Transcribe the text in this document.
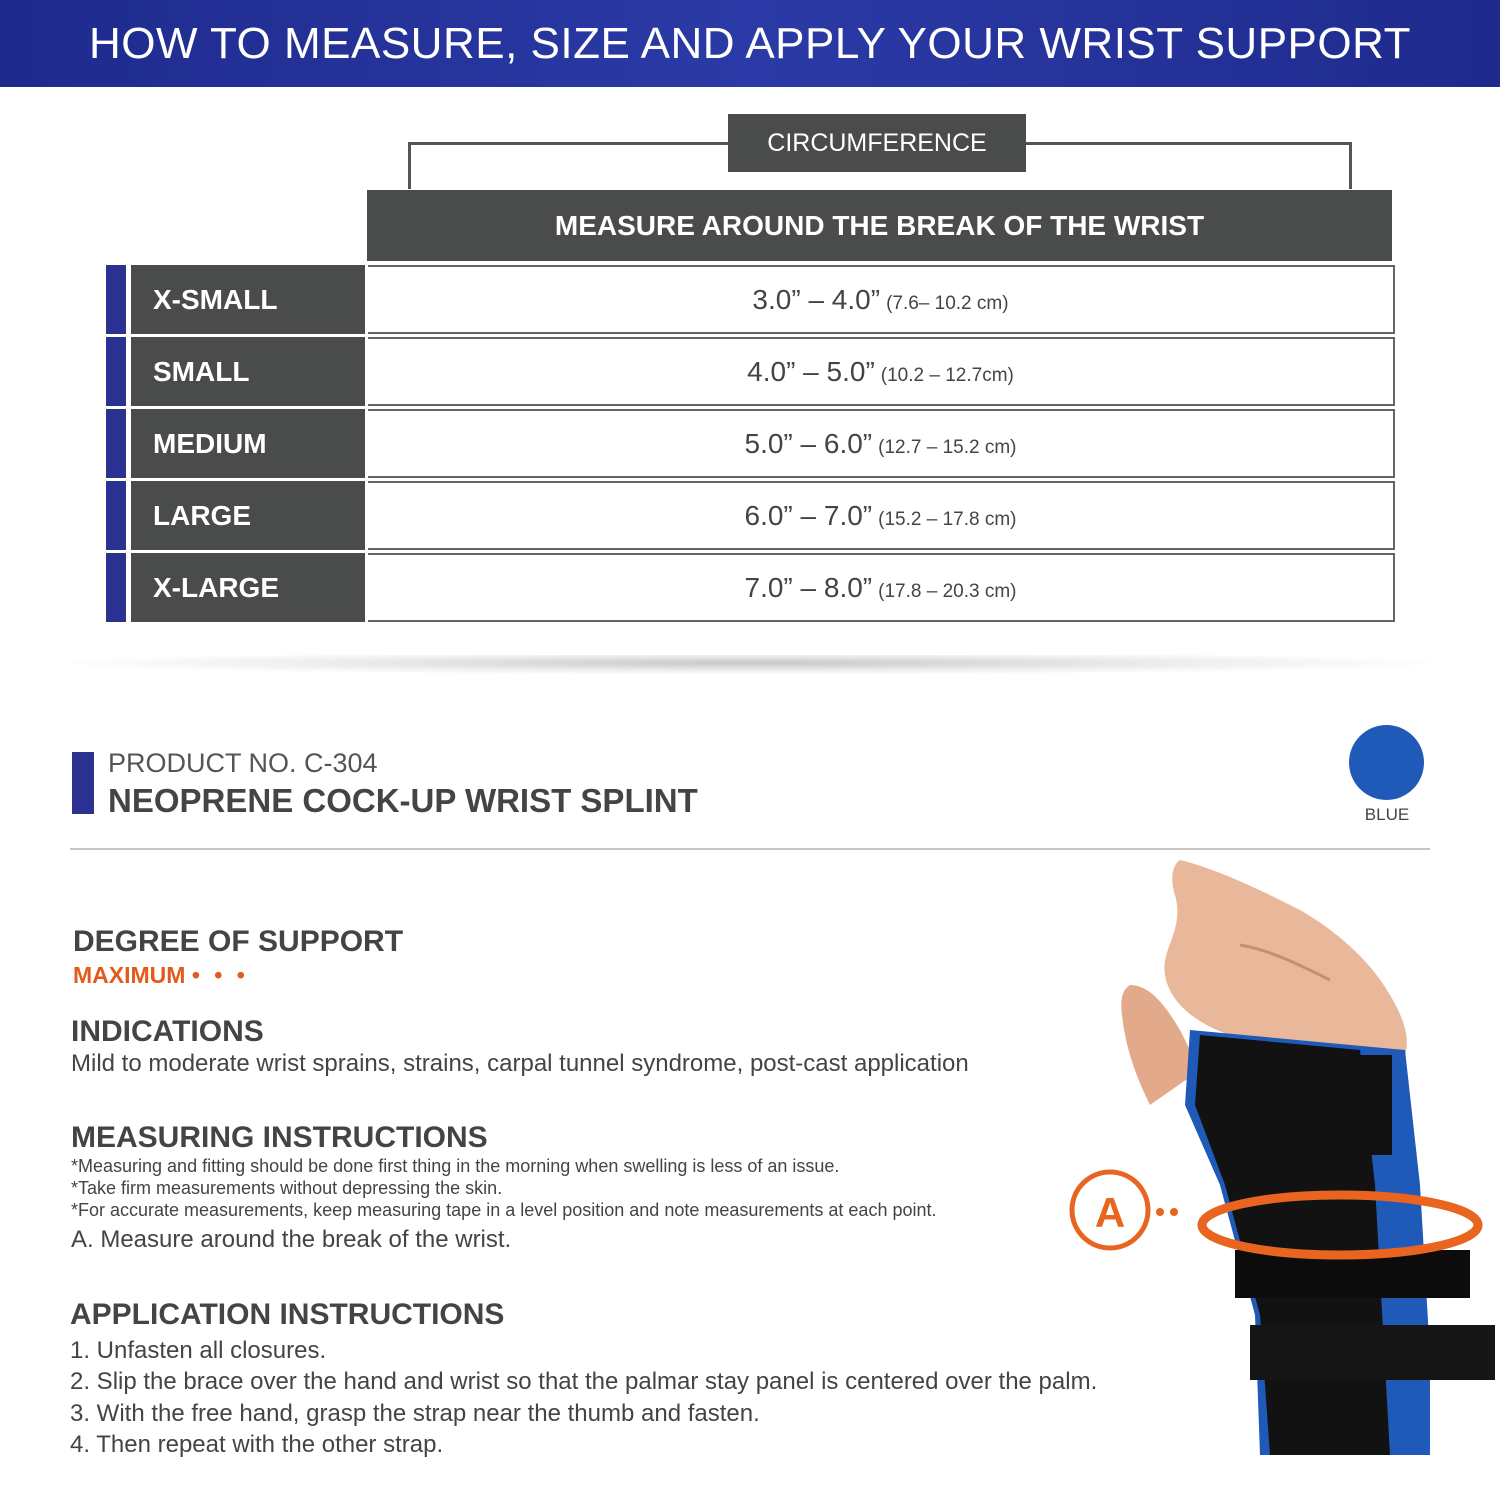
HOW TO MEASURE, SIZE AND APPLY YOUR WRIST SUPPORT
CIRCUMFERENCE
MEASURE AROUND THE BREAK OF THE WRIST
X-SMALL	3.0” – 4.0” (7.6– 10.2 cm)
SMALL	4.0” – 5.0” (10.2 – 12.7cm)
MEDIUM	5.0” – 6.0” (12.7 – 15.2 cm)
LARGE	6.0” – 7.0” (15.2 – 17.8 cm)
X-LARGE	7.0” – 8.0” (17.8 – 20.3 cm)
PRODUCT NO. C-304
NEOPRENE COCK-UP WRIST SPLINT	BLUE
DEGREE OF SUPPORT
MAXIMUM • • •
INDICATIONS
Mild to moderate wrist sprains, strains, carpal tunnel syndrome, post-cast application
MEASURING INSTRUCTIONS
*Measuring and fitting should be done first thing in the morning when swelling is less of an issue.
*Take firm measurements without depressing the skin.
*For accurate measurements, keep measuring tape in a level position and note measurements at each point.
A. Measure around the break of the wrist.
APPLICATION INSTRUCTIONS
1. Unfasten all closures.
2. Slip the brace over the hand and wrist so that the palmar stay panel is centered over the palm.
3. With the free hand, grasp the strap near the thumb and fasten.
4. Then repeat with the other strap.
A
